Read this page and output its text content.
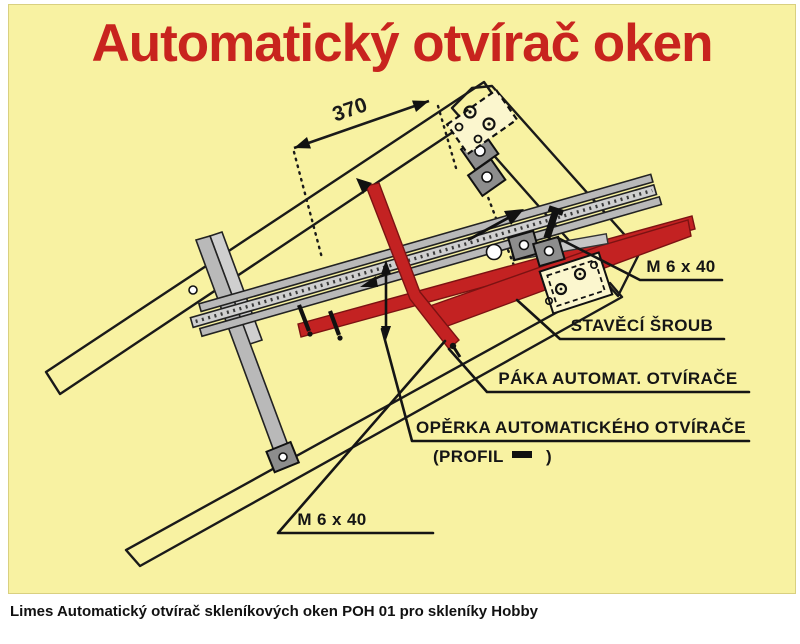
Automatický otvírač oken
370
M 6 x 40
STAVĚCÍ ŠROUB
PÁKA AUTOMAT. OTVÍRAČE
OPĚRKA AUTOMATICKÉHO OTVÍRAČE
(PROFIL )
M 6 x 40
Limes Automatický otvírač skleníkových oken POH 01 pro skleníky Hobby
